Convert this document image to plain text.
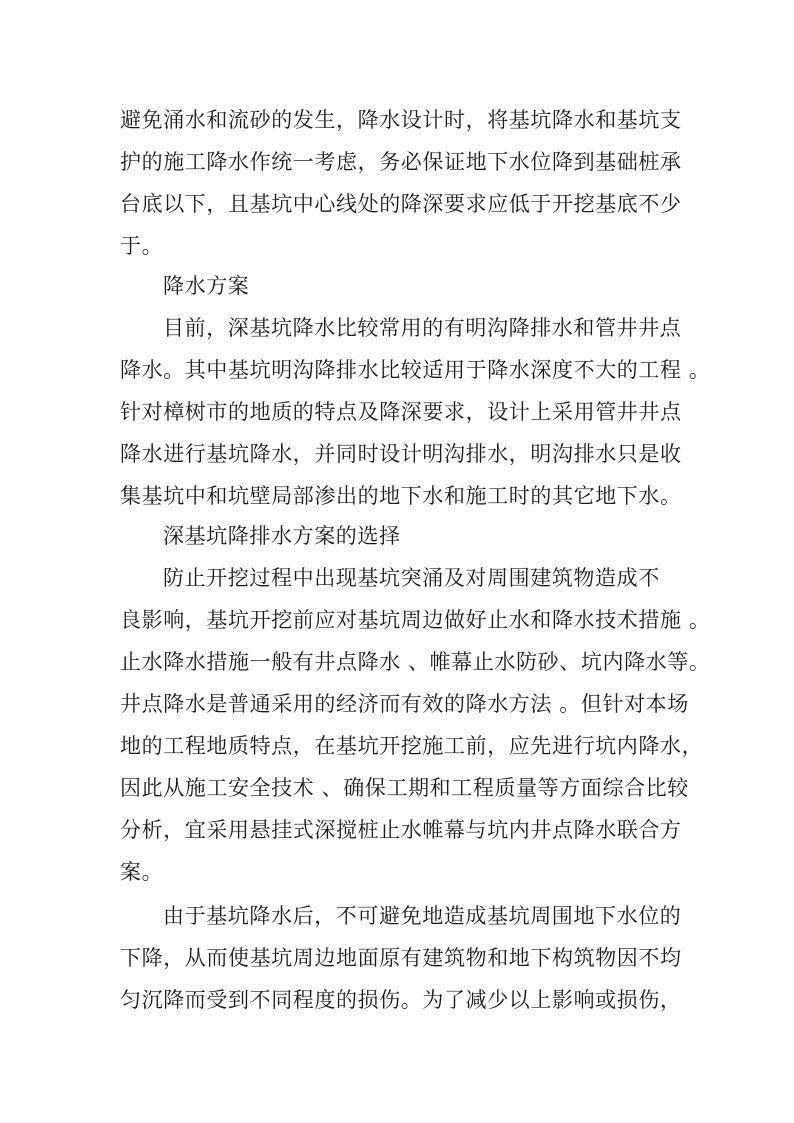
避免涌水和流砂的发生，降水设计时，将基坑降水和基坑支
护的施工降水作统一考虑，务必保证地下水位降到基础桩承
台底以下，且基坑中心线处的降深要求应低于开挖基底不少
于。
降水方案
目前，深基坑降水比较常用的有明沟降排水和管井井点
降水。其中基坑明沟降排水比较适用于降水深度不大的工程 。
针对樟树市的地质的特点及降深要求，设计上采用管井井点
降水进行基坑降水，并同时设计明沟排水，明沟排水只是收
集基坑中和坑壁局部渗出的地下水和施工时的其它地下水。
深基坑降排水方案的选择
防止开挖过程中出现基坑突涌及对周围建筑物造成不
良影响，基坑开挖前应对基坑周边做好止水和降水技术措施 。
止水降水措施一般有井点降水 、帷幕止水防砂、坑内降水等。
井点降水是普通采用的经济而有效的降水方法 。但针对本场
地的工程地质特点，在基坑开挖施工前，应先进行坑内降水，
因此从施工安全技术 、确保工期和工程质量等方面综合比较
分析，宜采用悬挂式深搅桩止水帷幕与坑内井点降水联合方
案。
由于基坑降水后，不可避免地造成基坑周围地下水位的
下降，从而使基坑周边地面原有建筑物和地下构筑物因不均
匀沉降而受到不同程度的损伤。为了减少以上影响或损伤，
